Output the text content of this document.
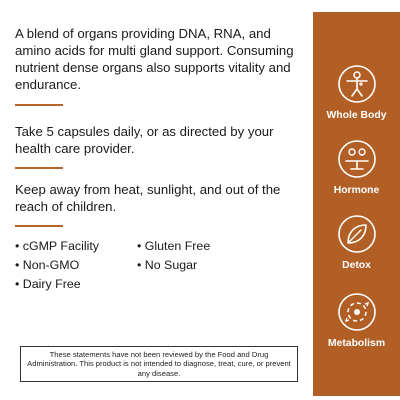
A blend of organs providing DNA, RNA, and amino acids for multi gland support. Consuming nutrient dense organs also supports vitality and endurance.

Take 5 capsules daily, or as directed by your health care provider.

Keep away from heat, sunlight, and out of the reach of children.

• cGMP Facility	• Gluten Free
• Non-GMO	• No Sugar
• Dairy Free
These statements have not been reviewed by the Food and Drug Administration. This product is not intended to diagnose, treat, cure, or prevent any disease.
Whole Body
Hormone
Detox
Metabolism
